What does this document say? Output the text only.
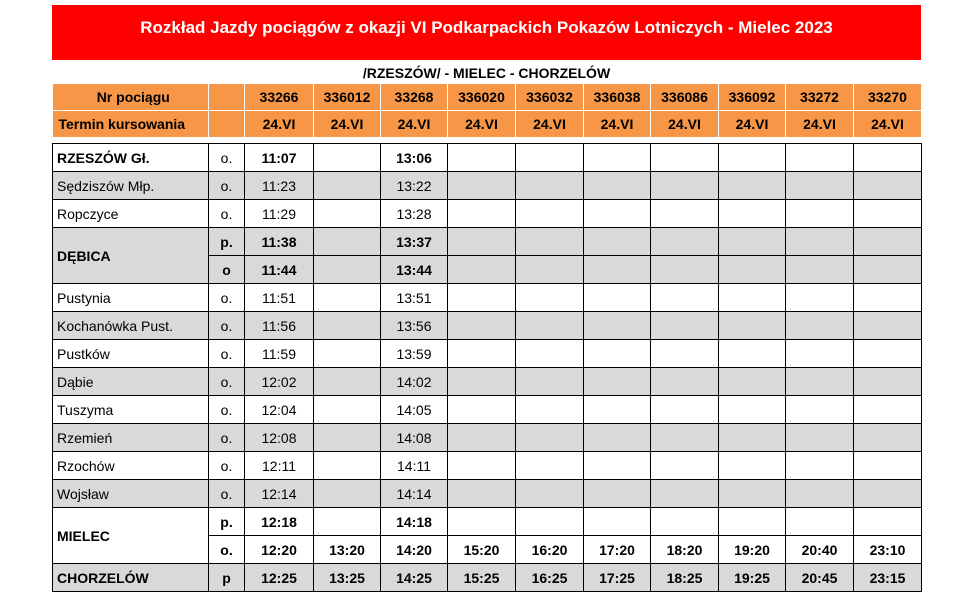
Rozkład Jazdy pociągów z okazji VI Podkarpackich Pokazów Lotniczych - Mielec 2023
/RZESZÓW/ - MIELEC - CHORZELÓW
Nr pociągu		33266	336012	33268	336020	336032	336038	336086	336092	33272	33270
Termin kursowania		24.VI	24.VI	24.VI	24.VI	24.VI	24.VI	24.VI	24.VI	24.VI	24.VI

RZESZÓW Gł.	o.	11:07		13:06							
Sędziszów Młp.	o.	11:23		13:22							
Ropczyce	o.	11:29		13:28							
DĘBICA	p.	11:38		13:37							
	o	11:44		13:44							
Pustynia	o.	11:51		13:51							
Kochanówka Pust.	o.	11:56		13:56							
Pustków	o.	11:59		13:59							
Dąbie	o.	12:02		14:02							
Tuszyma	o.	12:04		14:05							
Rzemień	o.	12:08		14:08							
Rzochów	o.	12:11		14:11							
Wojsław	o.	12:14		14:14							
MIELEC	p.	12:18		14:18							
	o.	12:20	13:20	14:20	15:20	16:20	17:20	18:20	19:20	20:40	23:10
CHORZELÓW	p	12:25	13:25	14:25	15:25	16:25	17:25	18:25	19:25	20:45	23:15
